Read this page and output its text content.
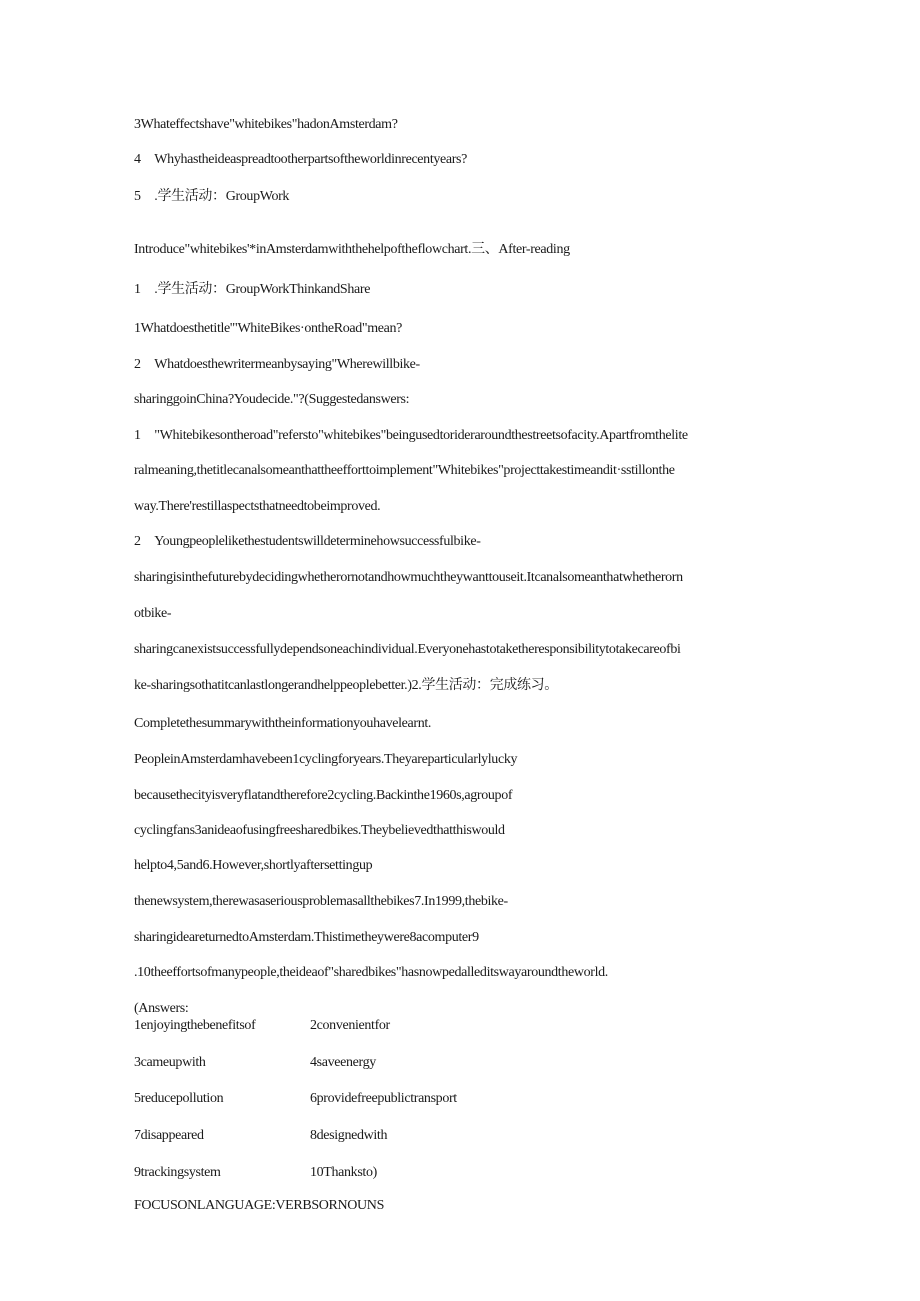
3Whateffectshave"whitebikes"hadonAmsterdam?
4 Whyhastheideaspreadtootherpartsoftheworldinrecentyears?
5 .学生活动：GroupWork
Introduce"whitebikes'*inAmsterdamwiththehelpoftheflowchart.三、After-reading
1 .学生活动：GroupWorkThinkandShare
1Whatdoesthetitle'"WhiteBikes·ontheRoad"mean?
2 Whatdoesthewritermeanbysaying"Wherewillbike-
sharinggoinChina?Youdecide."?(Suggestedanswers:
1 "Whitebikesontheroad"refersto"whitebikes"beingusedtorideraroundthestreetsofacity.Apartfromthelite
ralmeaning,thetitlecanalsomeanthattheefforttoimplement"Whitebikes"projecttakestimeandit·sstillonthe
way.There'restillaspectsthatneedtobeimproved.
2 Youngpeoplelikethestudentswilldeterminehowsuccessfulbike-
sharingisinthefuturebydecidingwhetherornotandhowmuchtheywanttouseit.Itcanalsomeanthatwhetherorn
otbike-
sharingcanexistsuccessfullydependsoneachindividual.Everyonehastotaketheresponsibilitytotakecareofbi
ke-sharingsothatitcanlastlongerandhelppeoplebetter.)2.学生活动：完成练习。
Completethesummarywiththeinformationyouhavelearnt.
PeopleinAmsterdamhavebeen1cyclingforyears.Theyareparticularlylucky
becausethecityisveryflatandtherefore2cycling.Backinthe1960s,agroupof
cyclingfans3anideaofusingfreesharedbikes.Theybelievedthatthiswould
helpto4,5and6.However,shortlyaftersettingup
thenewsystem,therewasaseriousproblemasallthebikes7.In1999,thebike-
sharingideareturnedtoAmsterdam.Thistimetheywere8acomputer9
.10theeffortsofmanypeople,theideaof"sharedbikes"hasnowpedalleditswayaroundtheworld.
(Answers:
1enjoyingthebenefitsof	2convenientfor
3cameupwith	4saveenergy
5reducepollution	6providefreepublictransport
7disappeared	8designedwith
9trackingsystem	10Thanksto)
FOCUSONLANGUAGE:VERBSORNOUNS
